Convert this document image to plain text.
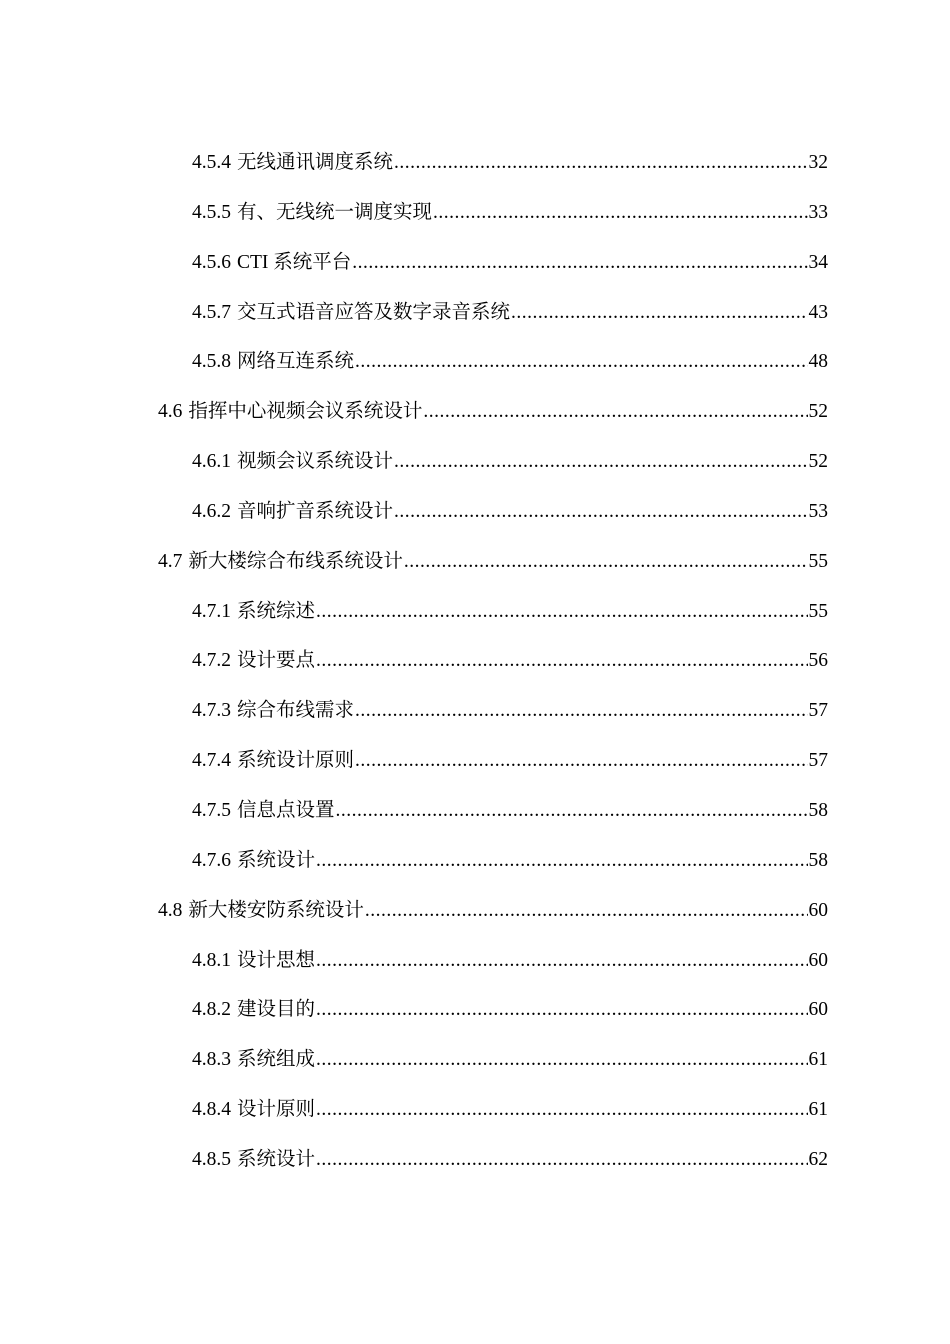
4.5.4 无线通讯调度系统 .....	32
4.5.5 有、无线统一调度实现 .....	33
4.5.6 CTI 系统平台 .....	34
4.5.7 交互式语音应答及数字录音系统 .....	43
4.5.8 网络互连系统 .....	48
4.6 指挥中心视频会议系统设计 .....	52
4.6.1 视频会议系统设计 .....	52
4.6.2 音响扩音系统设计 .....	53
4.7 新大楼综合布线系统设计 .....	55
4.7.1 系统综述 .....	55
4.7.2 设计要点 .....	56
4.7.3 综合布线需求 .....	57
4.7.4 系统设计原则 .....	57
4.7.5 信息点设置 .....	58
4.7.6 系统设计 .....	58
4.8 新大楼安防系统设计 .....	60
4.8.1 设计思想 .....	60
4.8.2 建设目的 .....	60
4.8.3 系统组成 .....	61
4.8.4 设计原则 .....	61
4.8.5 系统设计 .....	62
